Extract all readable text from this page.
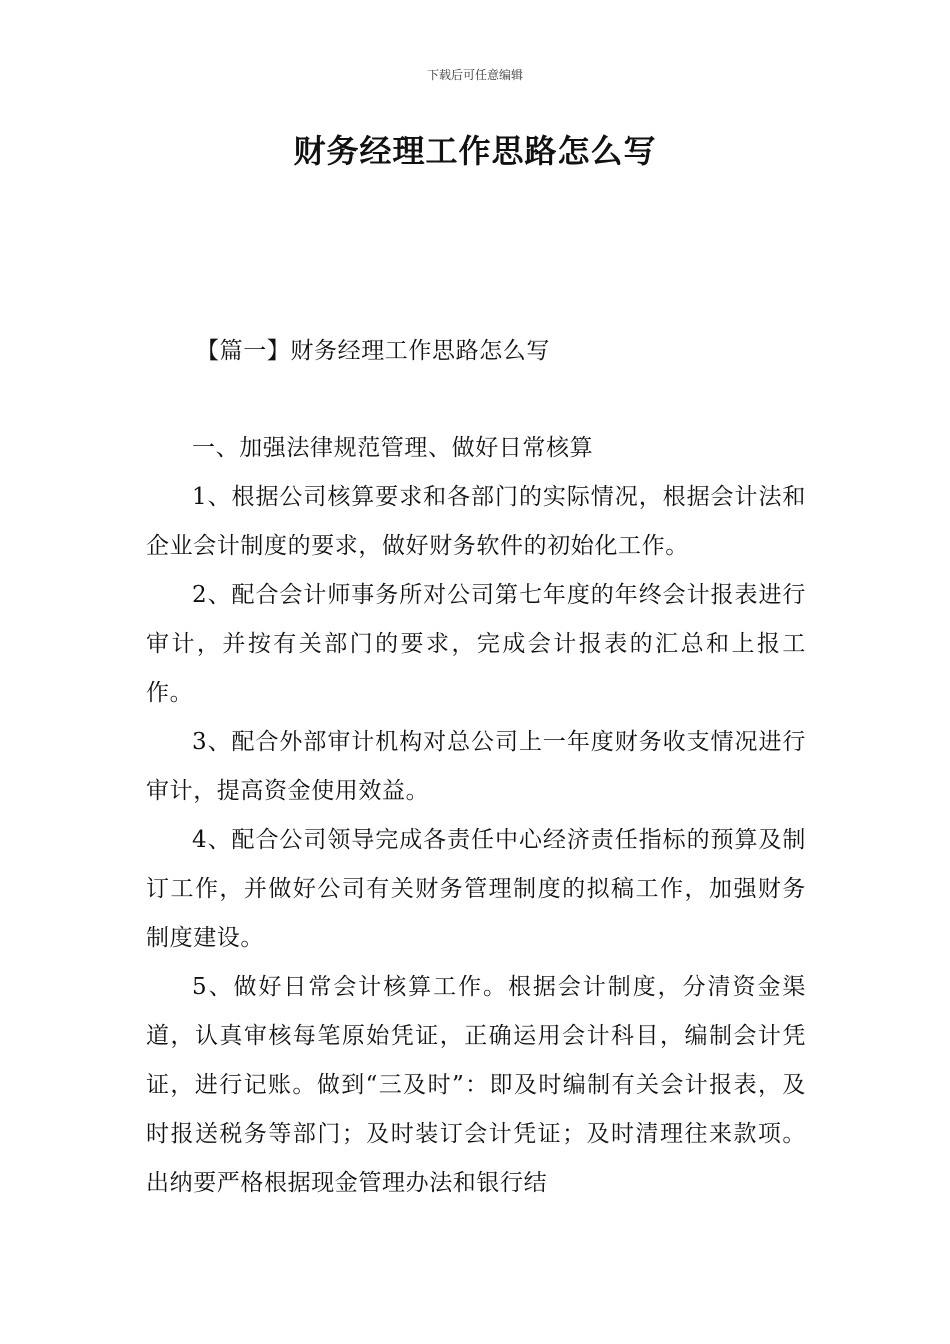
下载后可任意编辑
财务经理工作思路怎么写
【篇一】财务经理工作思路怎么写

一、加强法律规范管理、做好日常核算

1、根据公司核算要求和各部门的实际情况，根据会计法和企业会计制度的要求，做好财务软件的初始化工作。

2、配合会计师事务所对公司第七年度的年终会计报表进行审计，并按有关部门的要求，完成会计报表的汇总和上报工作。

3、配合外部审计机构对总公司上一年度财务收支情况进行审计，提高资金使用效益。

4、配合公司领导完成各责任中心经济责任指标的预算及制订工作，并做好公司有关财务管理制度的拟稿工作，加强财务制度建设。

5、做好日常会计核算工作。根据会计制度，分清资金渠道，认真审核每笔原始凭证，正确运用会计科目，编制会计凭证，进行记账。做到“三及时”：即及时编制有关会计报表，及时报送税务等部门；及时装订会计凭证；及时清理往来款项。出纳要严格根据现金管理办法和银行结
